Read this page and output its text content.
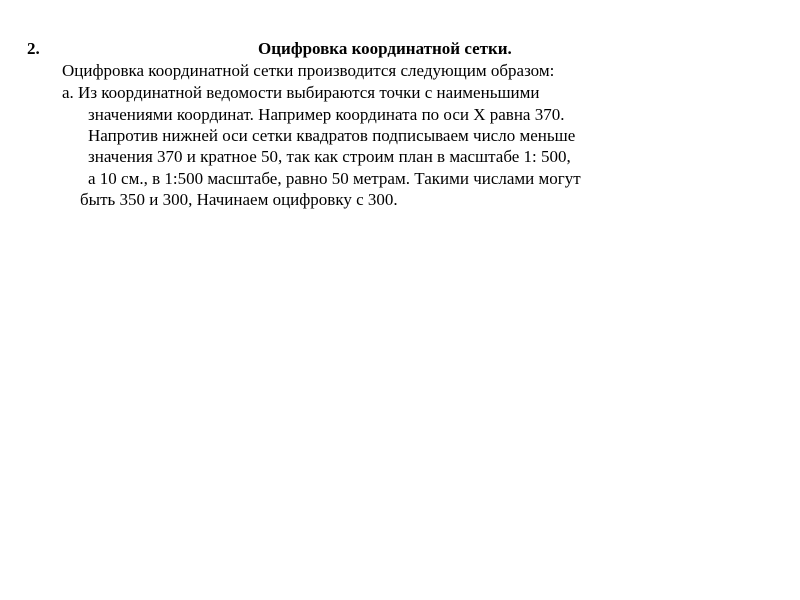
2.	Оцифровка координатной сетки.
Оцифровка координатной сетки производится следующим образом:
а. Из координатной ведомости выбираются точки с наименьшими
значениями координат. Например координата по оси Х равна 370.
Напротив нижней оси сетки квадратов подписываем число меньше
значения 370 и кратное 50, так как строим план в масштабе 1: 500,
а 10 см., в 1:500 масштабе, равно 50 метрам. Такими числами могут
быть 350 и 300, Начинаем оцифровку с 300.
